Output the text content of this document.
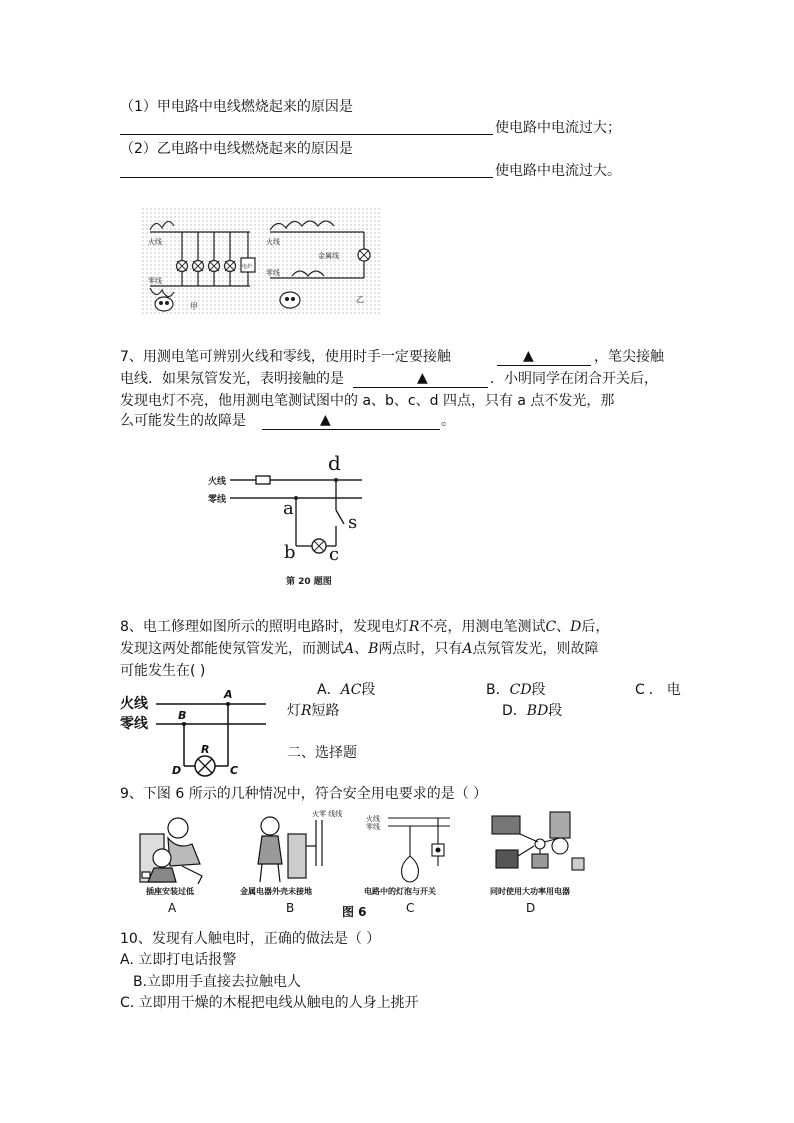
（1）甲电路中电线燃烧起来的原因是
使电路中电流过大；
（2）乙电路中电线燃烧起来的原因是
使电路中电流过大。
火线
零线
电炉
甲
火线
金属线
零线
乙
7、用测电笔可辨别火线和零线，使用时手一定要接触	▲	，笔尖接触
电线．如果氖管发光，表明接触的是	▲	．小明同学在闭合开关后，
发现电灯不亮，他用测电笔测试图中的 a、b、c、d 四点，只有 a 点不发光，那
么可能发生的故障是	▲	。
火线
零线
d
a
s
b c
第 20 题图
8、电工修理如图所示的照明电路时，发现电灯R不亮，用测电笔测试C、D后，
发现这两处都能使氖管发光，而测试A、B两点时，只有A点氖管发光，则故障
可能发生在( )
火线
零线
A
B
R
D	C
A．AC段	B．CD段	C．电
灯R短路	D．BD段
二、选择题
9、下图 6 所示的几种情况中，符合安全用电要求的是（ ）
插座安装过低
A
火零 线线
金属电器外壳未接地
B
火线
零线
电路中的灯泡与开关
C
图 6
同时使用大功率用电器
D
10、发现有人触电时，正确的做法是（ ）
A. 立即打电话报警
B.立即用手直接去拉触电人
C. 立即用干燥的木棍把电线从触电的人身上挑开
